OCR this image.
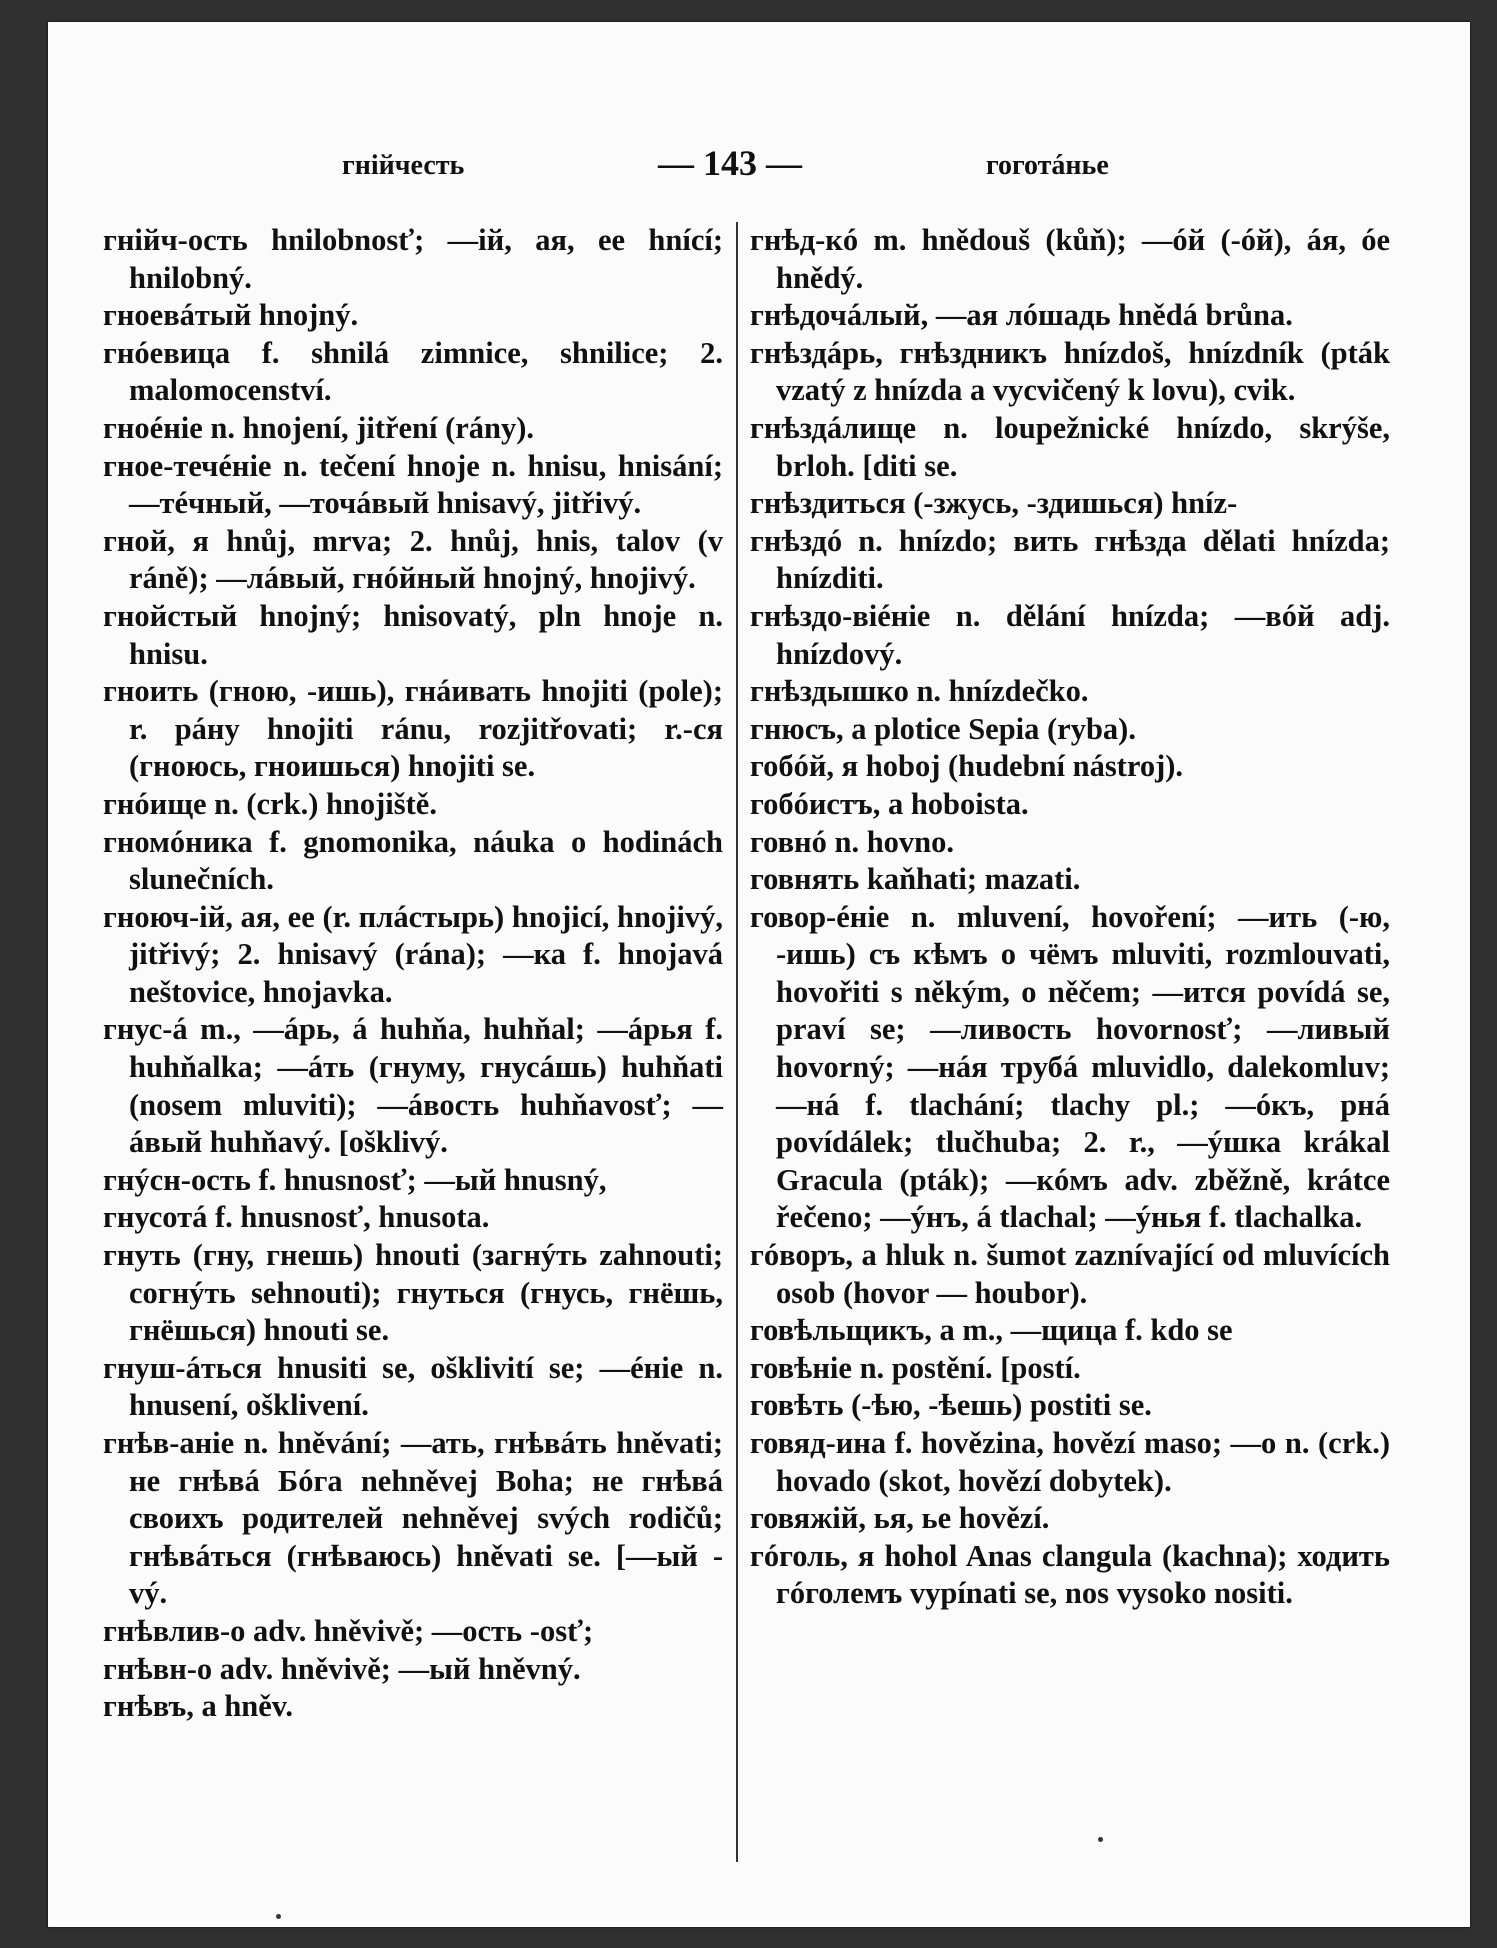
гнійчесть	— 143 —	гоготáнье

гнійч-ость hnilobnosť; —ій, ая, ее hnící; hnilobný.

гноевáтый hnojný.

гнóевица f. shnilá zimnice, shnilice; 2. malomocenství.

гноéніе n. hnojení, jitření (rány).

гное-течéніе n. tečení hnoje n. hnisu, hnisání; —тéчный, —точáвый hnisavý, jitřivý.

гной, я hnůj, mrva; 2. hnůj, hnis, talov (v ráně); —лáвый, гнóйный hnojný, hnojivý.

гнойстый hnojný; hnisovatý, pln hnoje n. hnisu.

гноить (гною, -ишь), гнáивать hnojiti (pole); r. рáну hnojiti ránu, rozjitřovati; r.-ся (гноюсь, гноишься) hnojiti se.

гнóище n. (crk.) hnojiště.

гномóника f. gnomonika, náuka o hodinách slunečních.

гноюч-ій, ая, ее (r. плáстырь) hnojicí, hnojivý, jitřivý; 2. hnisavý (rána); —ка f. hnojavá neštovice, hnojavka.

гнус-á m., —áрь, á huhňa, huhňal; —áрья f. huhňalka; —áть (гнуму, гнусáшь) huhňati (nosem mluviti); —áвость huhňavosť; —áвый huhňavý. [ošklivý.

гнýсн-ость f. hnusnosť; —ый hnusný,

гнусотá f. hnusnosť, hnusota.

гнуть (гну, гнешь) hnouti (загнýть zahnouti; согнýть sehnouti); гнуться (гнусь, гнёшь, гнёшься) hnouti se.

гнуш-áться hnusiti se, ošklivití se; —éніе n. hnusení, ošklivení.

гнѣв-аніе n. hněvání; —ать, гнѣвáть hněvati; не гнѣвá Бóга nehněvej Boha; не гнѣвá своихъ родителей nehněvej svých rodičů; гнѣвáться (гнѣваюсь) hněvati se. [—ый -vý.

гнѣвлив-о adv. hněvivě; —ость -osť;

гнѣвн-о adv. hněvivě; —ый hněvný.

гнѣвъ, а hněv.

гнѣд-кó m. hnědouš (kůň); —óй (-óй), áя, óе hnědý.

гнѣдочáлый, —ая лóшадь hnědá brůna.

гнѣздáрь, гнѣздникъ hnízdoš, hnízdník (pták vzatý z hnízda a vycvičený k lovu), cvik.

гнѣздáлище n. loupežnické hnízdo, skrýše, brloh. [diti se.

гнѣздиться (-зжусь, -здишься) hníz-

гнѣздó n. hnízdo; вить гнѣзда dělati hnízda; hnízditi.

гнѣздо-віéніе n. dělání hnízda; —вóй adj. hnízdový.

гнѣздышко n. hnízdečko.

гнюсъ, а plotice Sepia (ryba).

гобóй, я hoboj (hudební nástroj).

гобóистъ, а hoboista.

говнó n. hovno.

говнять kaňhati; mazati.

говор-éніе n. mluvení, hovoření; —ить (-ю, -ишь) съ кѣмъ о чёмъ mluviti, rozmlouvati, hovořiti s někým, o něčem; —ится povídá se, praví se; —ливость hovornosť; —ливый hovorný; —нáя трубá mluvidlo, dalekomluv; —нá f. tlachání; tlachy pl.; —óкъ, рнá povídálek; tlučhuba; 2. r., —ýшка krákal Gracula (pták); —кóмъ adv. zběžně, krátce řečeno; —ýнъ, á tlachal; —ýнья f. tlachalka.

гóворъ, а hluk n. šumot zaznívající od mluvících osob (hovor — houbor).

говѣльщикъ, а m., —щица f. kdo se

говѣніе n. postění. [postí.

говѣть (-ѣю, -ѣешь) postiti se.

говяд-ина f. hovězina, hovězí maso; —о n. (crk.) hovado (skot, hovězí dobytek).

говяжій, ья, ье hovězí.

гóголь, я hohol Anas clangula (kachna); ходить гóголемъ vypínati se, nos vysoko nositi.
